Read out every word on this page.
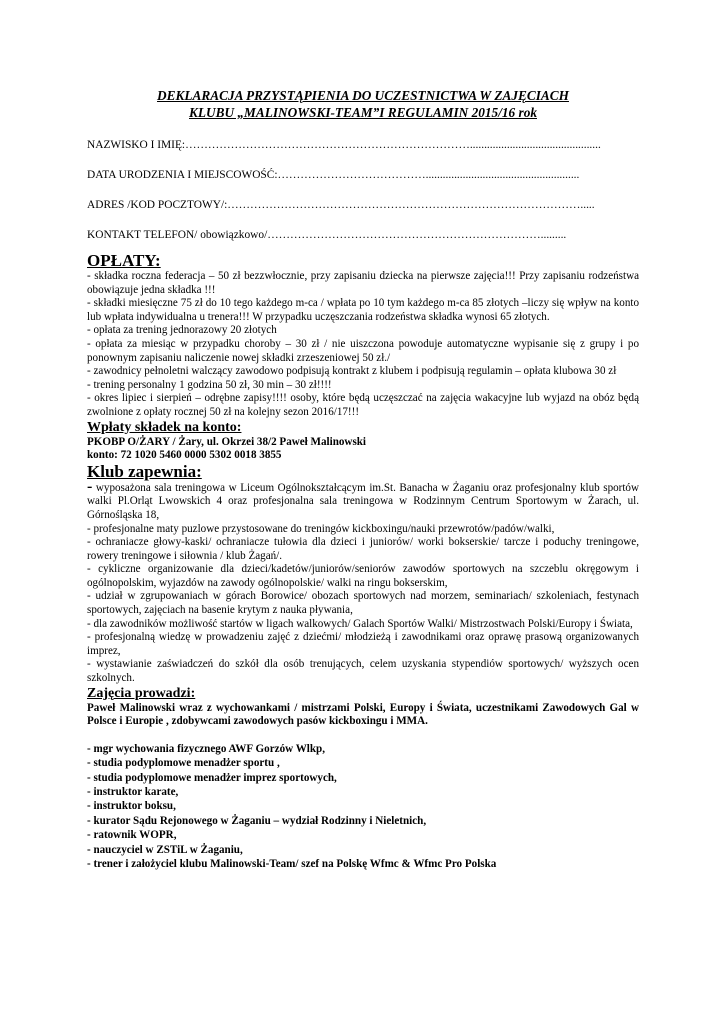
DEKLARACJA PRZYSTĄPIENIA DO UCZESTNICTWA W ZAJĘCIACH
KLUBU „MALINOWSKI-TEAM”I REGULAMIN 2015/16 rok
NAZWISKO I IMIĘ:…………………………………………………………………..............................................
DATA URODZENIA I MIEJSCOWOŚĆ:…………………………………......................................................
ADRES /KOD POCZTOWY/:………………………………………………………………………………….....
KONTAKT TELEFON/ obowiązkowo/……………………………………………………………….........
OPŁATY:

- składka roczna federacja – 50 zł bezzwłocznie, przy zapisaniu dziecka na pierwsze zajęcia!!! Przy zapisaniu rodzeństwa obowiązuje jedna składka !!!

- składki miesięczne 75 zł do 10 tego każdego m-ca / wpłata po 10 tym każdego m-ca 85 złotych –liczy się wpływ na konto lub wpłata indywidualna u trenera!!! W przypadku uczęszczania rodzeństwa składka wynosi 65 złotych.

- opłata za trening jednorazowy 20 złotych

- opłata za miesiąc w przypadku choroby – 30 zł / nie uiszczona powoduje automatyczne wypisanie się z grupy i po ponownym zapisaniu naliczenie nowej składki zrzeszeniowej 50 zł./

- zawodnicy pełnoletni walczący zawodowo podpisują kontrakt z klubem i podpisują regulamin – opłata klubowa 30 zł

- trening personalny 1 godzina 50 zł, 30 min – 30 zł!!!!

- okres lipiec i sierpień – odrębne zapisy!!!! osoby, które będą uczęszczać na zajęcia wakacyjne lub wyjazd na obóz będą zwolnione z opłaty rocznej 50 zł na kolejny sezon 2016/17!!!

Wpłaty składek na konto:

PKOBP O/ŻARY / Żary, ul. Okrzei 38/2 Paweł Malinowski

konto: 72 1020 5460 0000 5302 0018 3855

Klub zapewnia:

- wyposażona sala treningowa w Liceum Ogólnokształcącym im.St. Banacha w Żaganiu oraz profesjonalny klub sportów walki Pl.Orląt Lwowskich 4 oraz profesjonalna sala treningowa w Rodzinnym Centrum Sportowym w Żarach, ul. Górnośląska 18,

- profesjonalne maty puzlowe przystosowane do treningów kickboxingu/nauki przewrotów/padów/walki,

- ochraniacze głowy-kaski/ ochraniacze tułowia dla dzieci i juniorów/ worki bokserskie/ tarcze i poduchy treningowe, rowery treningowe i siłownia / klub Żagań/.

- cykliczne organizowanie dla dzieci/kadetów/juniorów/seniorów zawodów sportowych na szczeblu okręgowym i ogólnopolskim, wyjazdów na zawody ogólnopolskie/ walki na ringu bokserskim,

- udział w zgrupowaniach w górach Borowice/ obozach sportowych nad morzem, seminariach/ szkoleniach, festynach sportowych, zajęciach na basenie krytym z nauka pływania,

- dla zawodników możliwość startów w ligach walkowych/ Galach Sportów Walki/ Mistrzostwach Polski/Europy i Świata,

- profesjonalną wiedzę w prowadzeniu zajęć z dziećmi/ młodzieżą i zawodnikami oraz oprawę prasową organizowanych imprez,

- wystawianie zaświadczeń do szkół dla osób trenujących, celem uzyskania stypendiów sportowych/ wyższych ocen szkolnych.

Zajęcia prowadzi:

Paweł Malinowski wraz z wychowankami / mistrzami Polski, Europy i Świata, uczestnikami Zawodowych Gal w Polsce i Europie , zdobywcami zawodowych pasów kickboxingu i MMA.

- mgr wychowania fizycznego AWF Gorzów Wlkp,

- studia podyplomowe menadżer sportu ,

- studia podyplomowe menadżer imprez sportowych,

- instruktor karate,

- instruktor boksu,

- kurator Sądu Rejonowego w Żaganiu – wydział Rodzinny i Nieletnich,

- ratownik WOPR,

- nauczyciel w ZSTiL w Żaganiu,

- trener i założyciel klubu Malinowski-Team/ szef na Polskę Wfmc & Wfmc Pro Polska
